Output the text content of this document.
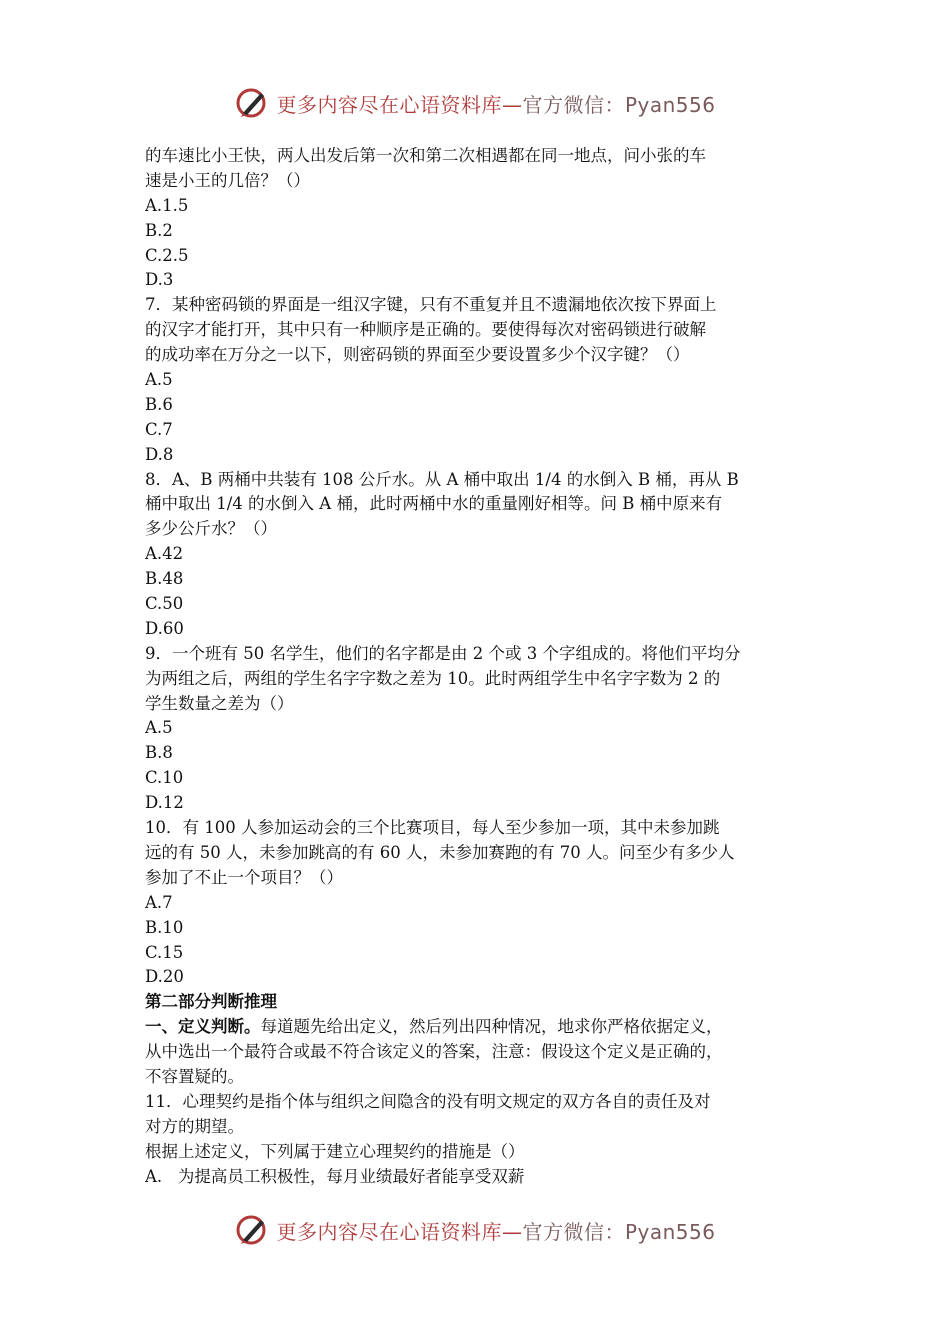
更多内容尽在心语资料库—官方微信：Pyan556
的车速比小王快，两人出发后第一次和第二次相遇都在同一地点，问小张的车
速是小王的几倍？（）
A.1.5
B.2
C.2.5
D.3
7．某种密码锁的界面是一组汉字键，只有不重复并且不遗漏地依次按下界面上
的汉字才能打开，其中只有一种顺序是正确的。要使得每次对密码锁进行破解
的成功率在万分之一以下，则密码锁的界面至少要设置多少个汉字键？（）
A.5
B.6
C.7
D.8
8．A、B 两桶中共装有 108 公斤水。从 A 桶中取出 1/4 的水倒入 B 桶，再从 B
桶中取出 1/4 的水倒入 A 桶，此时两桶中水的重量刚好相等。问 B 桶中原来有
多少公斤水？（）
A.42
B.48
C.50
D.60
9．一个班有 50 名学生，他们的名字都是由 2 个或 3 个字组成的。将他们平均分
为两组之后，两组的学生名字字数之差为 10。此时两组学生中名字字数为 2 的
学生数量之差为（）
A.5
B.8
C.10
D.12
10．有 100 人参加运动会的三个比赛项目，每人至少参加一项，其中未参加跳
远的有 50 人，未参加跳高的有 60 人，未参加赛跑的有 70 人。问至少有多少人
参加了不止一个项目？（）
A.7
B.10
C.15
D.20
第二部分判断推理
一、定义判断。每道题先给出定义，然后列出四种情况，地求你严格依据定义，
从中选出一个最符合或最不符合该定义的答案，注意：假设这个定义是正确的，
不容置疑的。
11．心理契约是指个体与组织之间隐含的没有明文规定的双方各自的责任及对
对方的期望。
根据上述定义，下列属于建立心理契约的措施是（）
A.   为提高员工积极性，每月业绩最好者能享受双薪
更多内容尽在心语资料库—官方微信：Pyan556
